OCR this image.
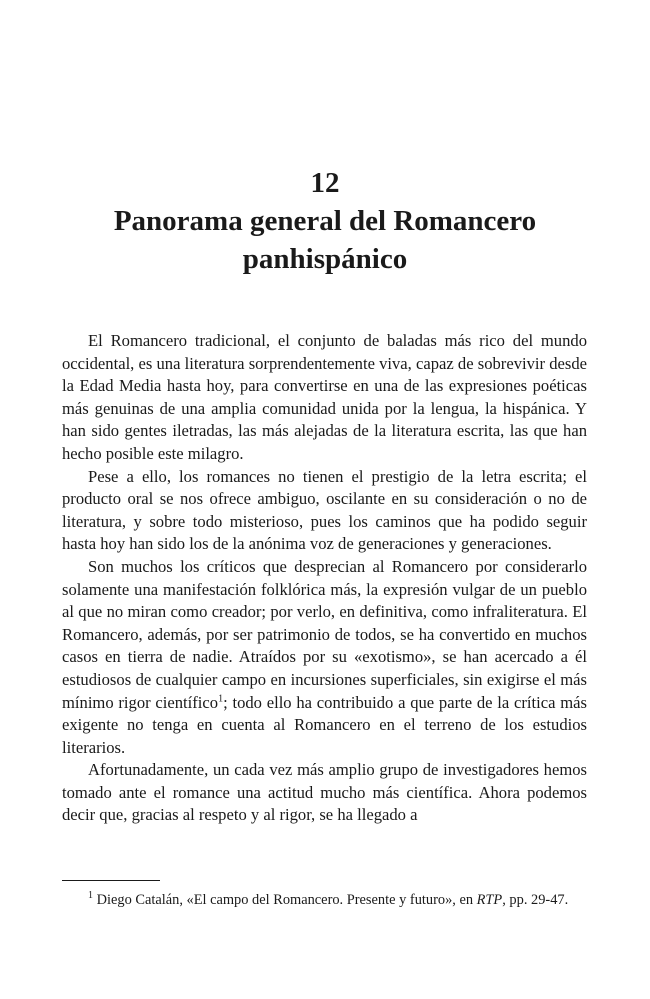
12
Panorama general del Romancero panhispánico

El Romancero tradicional, el conjunto de baladas más rico del mundo occidental, es una literatura sorprendentemente viva, capaz de sobrevivir desde la Edad Media hasta hoy, para convertirse en una de las expresiones poéticas más genuinas de una amplia comunidad unida por la lengua, la hispánica. Y han sido gentes iletradas, las más alejadas de la literatura escrita, las que han hecho posible este milagro.

Pese a ello, los romances no tienen el prestigio de la letra escrita; el producto oral se nos ofrece ambiguo, oscilante en su consideración o no de literatura, y sobre todo misterioso, pues los caminos que ha podido seguir hasta hoy han sido los de la anónima voz de generaciones y generaciones.

Son muchos los críticos que desprecian al Romancero por considerarlo solamente una manifestación folklórica más, la expresión vulgar de un pueblo al que no miran como creador; por verlo, en definitiva, como infraliteratura. El Romancero, además, por ser patrimonio de todos, se ha convertido en muchos casos en tierra de nadie. Atraídos por su «exotismo», se han acercado a él estudiosos de cualquier campo en incursiones superficiales, sin exigirse el más mínimo rigor científico$^1$; todo ello ha contribuido a que parte de la crítica más exigente no tenga en cuenta al Romancero en el terreno de los estudios literarios.

Afortunadamente, un cada vez más amplio grupo de investigadores hemos tomado ante el romance una actitud mucho más científica. Ahora podemos decir que, gracias al respeto y al rigor, se ha llegado a

$^1$ Diego Catalán, «El campo del Romancero. Presente y futuro», en RTP, pp. 29-47.
